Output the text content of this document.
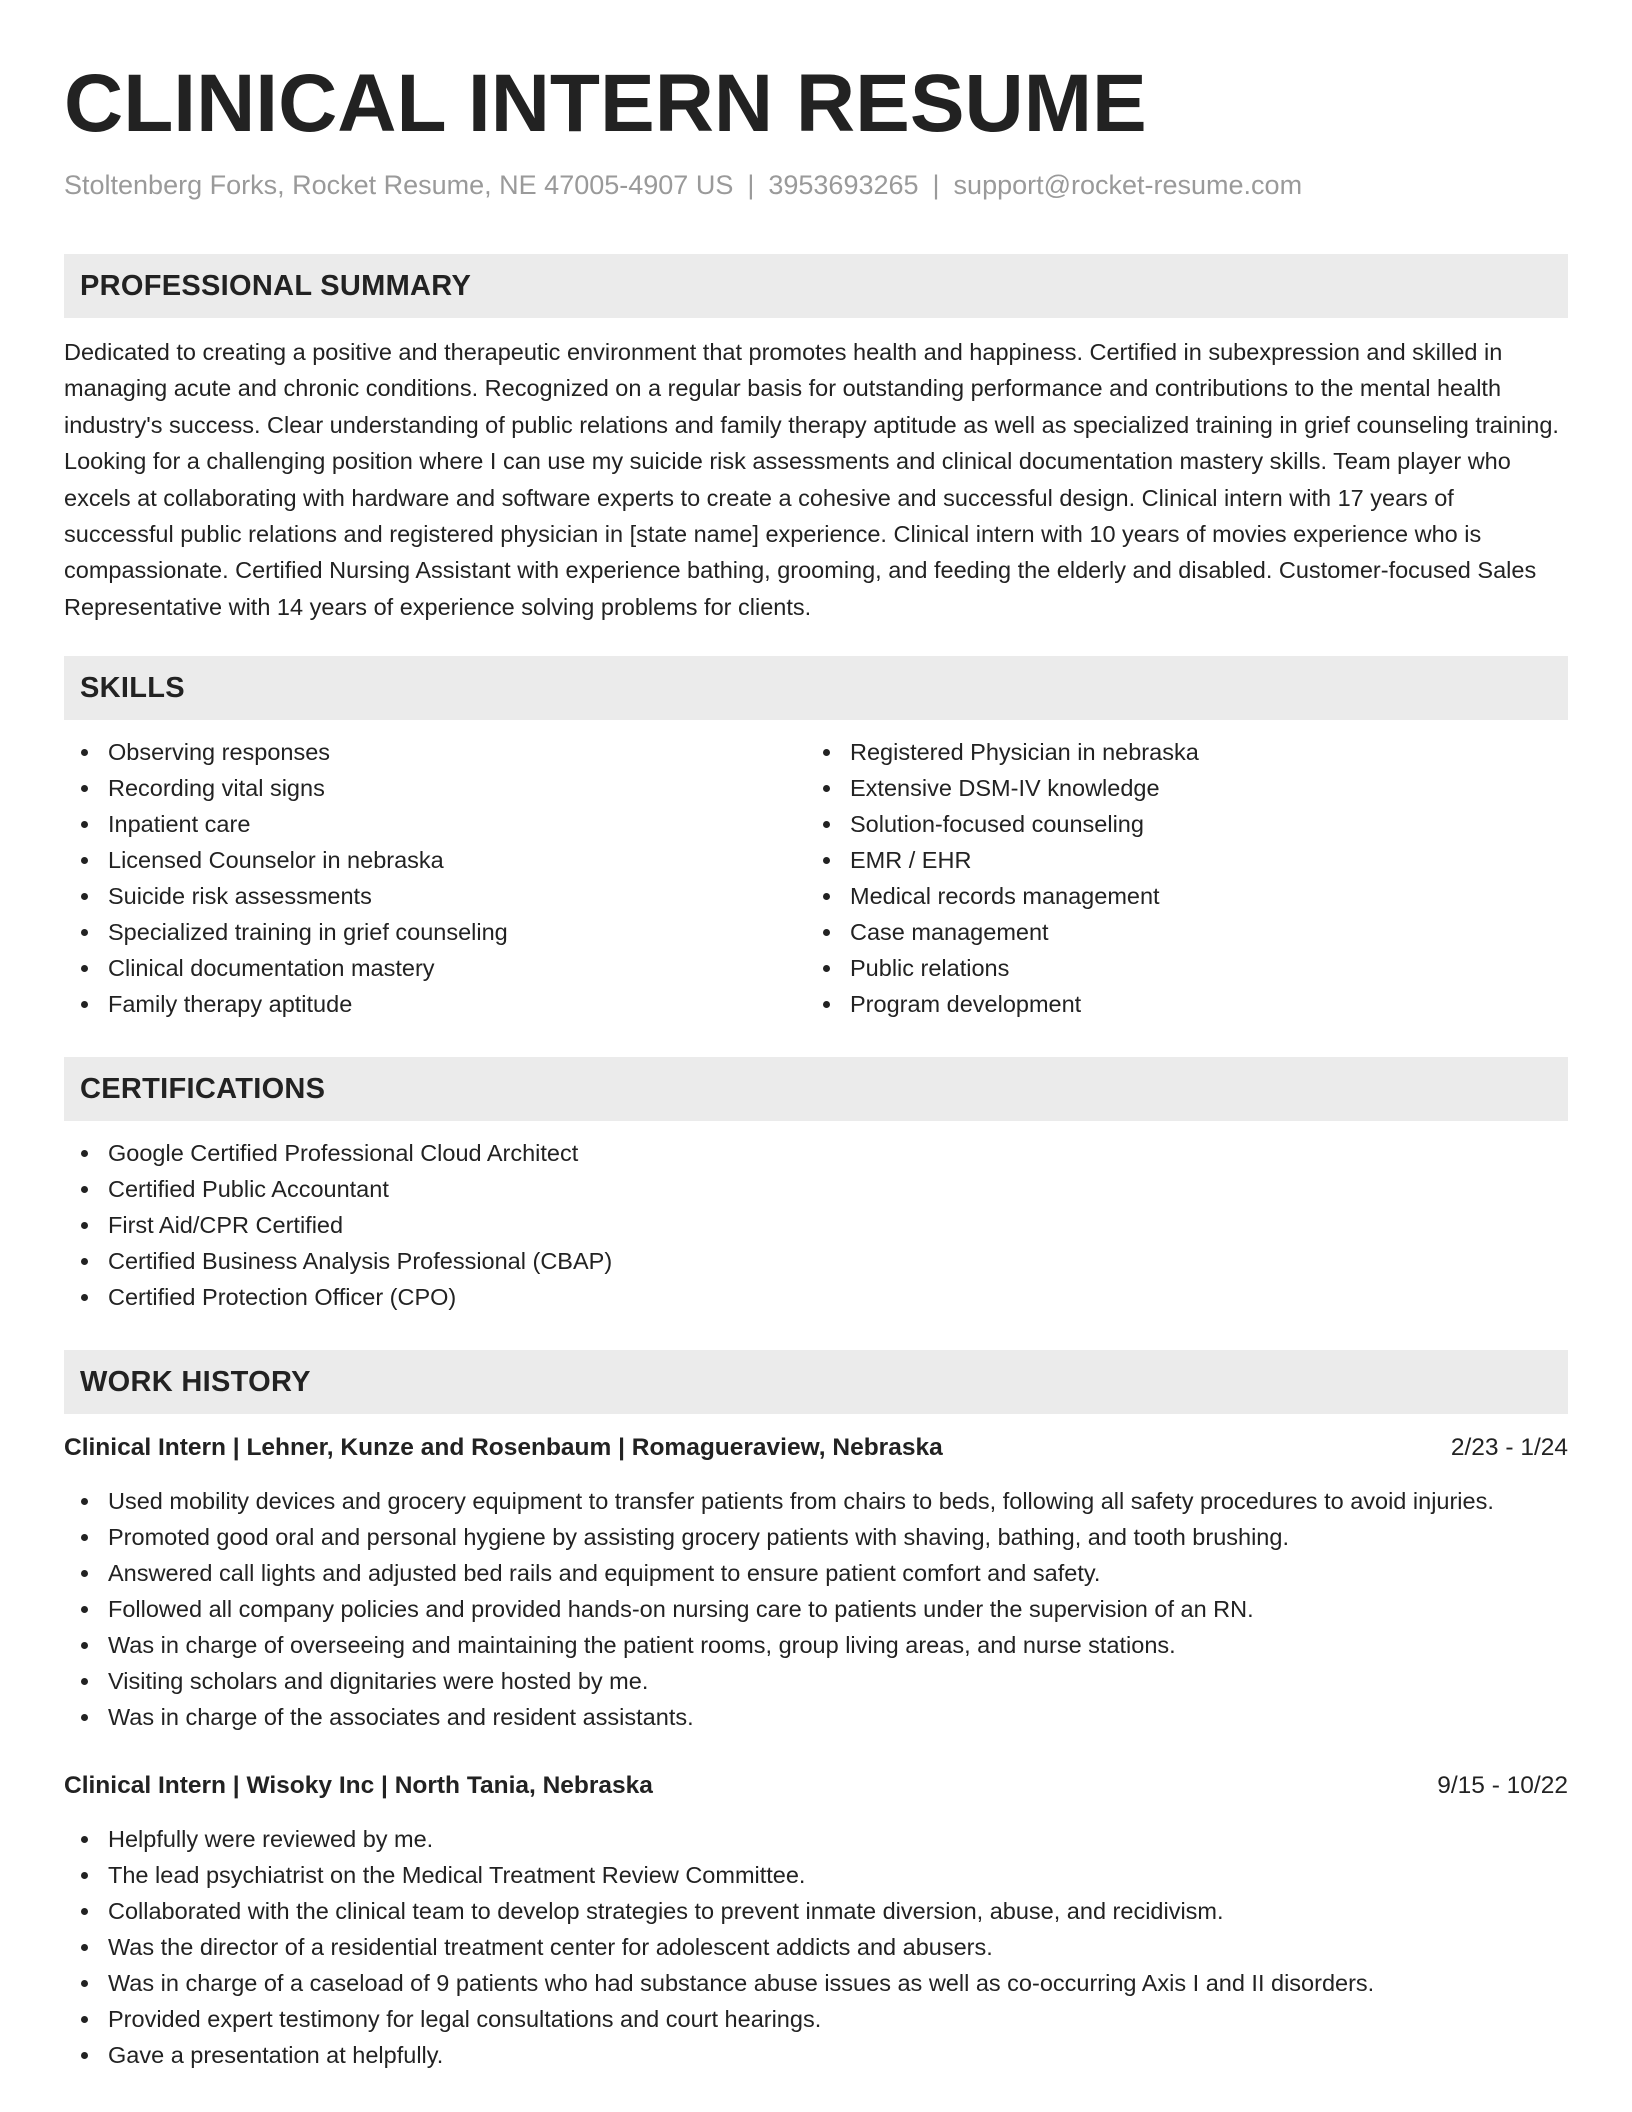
CLINICAL INTERN RESUME
Stoltenberg Forks, Rocket Resume, NE 47005-4907 US | 3953693265 | support@rocket-resume.com
PROFESSIONAL SUMMARY

Dedicated to creating a positive and therapeutic environment that promotes health and happiness. Certified in subexpression and skilled in managing acute and chronic conditions. Recognized on a regular basis for outstanding performance and contributions to the mental health industry's success. Clear understanding of public relations and family therapy aptitude as well as specialized training in grief counseling training. Looking for a challenging position where I can use my suicide risk assessments and clinical documentation mastery skills. Team player who excels at collaborating with hardware and software experts to create a cohesive and successful design. Clinical intern with 17 years of successful public relations and registered physician in [state name] experience. Clinical intern with 10 years of movies experience who is compassionate. Certified Nursing Assistant with experience bathing, grooming, and feeding the elderly and disabled. Customer-focused Sales Representative with 14 years of experience solving problems for clients.

SKILLS
Observing responses
Recording vital signs
Inpatient care
Licensed Counselor in nebraska
Suicide risk assessments
Specialized training in grief counseling
Clinical documentation mastery
Family therapy aptitude
Registered Physician in nebraska
Extensive DSM-IV knowledge
Solution-focused counseling
EMR / EHR
Medical records management
Case management
Public relations
Program development
CERTIFICATIONS
Google Certified Professional Cloud Architect
Certified Public Accountant
First Aid/CPR Certified
Certified Business Analysis Professional (CBAP)
Certified Protection Officer (CPO)
WORK HISTORY
Clinical Intern | Lehner, Kunze and Rosenbaum | Romagueraview, Nebraska	2/23 - 1/24
Used mobility devices and grocery equipment to transfer patients from chairs to beds, following all safety procedures to avoid injuries.
Promoted good oral and personal hygiene by assisting grocery patients with shaving, bathing, and tooth brushing.
Answered call lights and adjusted bed rails and equipment to ensure patient comfort and safety.
Followed all company policies and provided hands-on nursing care to patients under the supervision of an RN.
Was in charge of overseeing and maintaining the patient rooms, group living areas, and nurse stations.
Visiting scholars and dignitaries were hosted by me.
Was in charge of the associates and resident assistants.
Clinical Intern | Wisoky Inc | North Tania, Nebraska	9/15 - 10/22
Helpfully were reviewed by me.
The lead psychiatrist on the Medical Treatment Review Committee.
Collaborated with the clinical team to develop strategies to prevent inmate diversion, abuse, and recidivism.
Was the director of a residential treatment center for adolescent addicts and abusers.
Was in charge of a caseload of 9 patients who had substance abuse issues as well as co-occurring Axis I and II disorders.
Provided expert testimony for legal consultations and court hearings.
Gave a presentation at helpfully.
